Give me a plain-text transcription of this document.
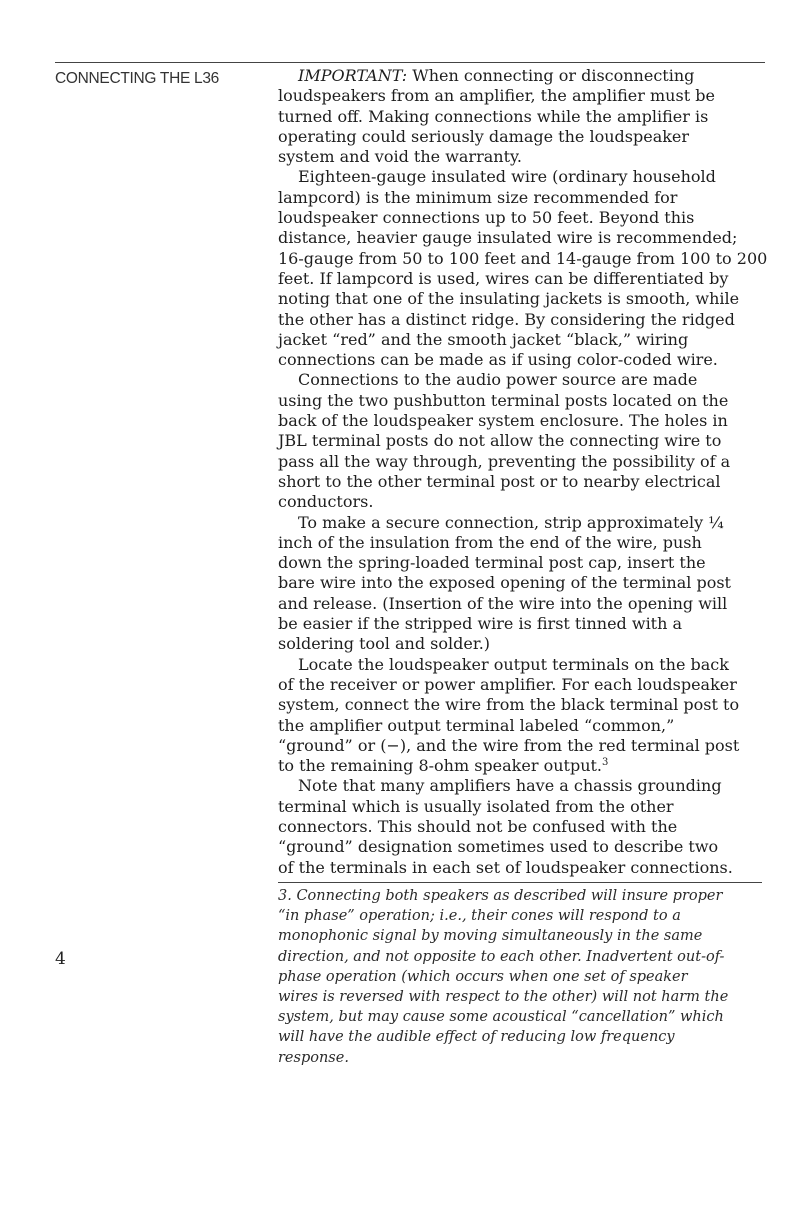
CONNECTING THE L36	IMPORTANT: When connecting or disconnecting
loudspeakers from an amplifier, the amplifier must be
turned off. Making connections while the amplifier is
operating could seriously damage the loudspeaker
system and void the warranty.
Eighteen-gauge insulated wire (ordinary household
lampcord) is the minimum size recommended for
loudspeaker connections up to 50 feet. Beyond this
distance, heavier gauge insulated wire is recommended;
16-gauge from 50 to 100 feet and 14-gauge from 100 to 200
feet. If lampcord is used, wires can be differentiated by
noting that one of the insulating jackets is smooth, while
the other has a distinct ridge. By considering the ridged
jacket “red” and the smooth jacket “black,” wiring
connections can be made as if using color-coded wire.
Connections to the audio power source are made
using the two pushbutton terminal posts located on the
back of the loudspeaker system enclosure. The holes in
JBL terminal posts do not allow the connecting wire to
pass all the way through, preventing the possibility of a
short to the other terminal post or to nearby electrical
conductors.
To make a secure connection, strip approximately ¼
inch of the insulation from the end of the wire, push
down the spring-loaded terminal post cap, insert the
bare wire into the exposed opening of the terminal post
and release. (Insertion of the wire into the opening will
be easier if the stripped wire is first tinned with a
soldering tool and solder.)
Locate the loudspeaker output terminals on the back
of the receiver or power amplifier. For each loudspeaker
system, connect the wire from the black terminal post to
the amplifier output terminal labeled “common,”
“ground” or (−), and the wire from the red terminal post
to the remaining 8-ohm speaker output.$^3$
Note that many amplifiers have a chassis grounding
terminal which is usually isolated from the other
connectors. This should not be confused with the
“ground” designation sometimes used to describe two
of the terminals in each set of loudspeaker connections.
3. Connecting both speakers as described will insure proper
“in phase” operation; i.e., their cones will respond to a
monophonic signal by moving simultaneously in the same
direction, and not opposite to each other. Inadvertent out-of-
phase operation (which occurs when one set of speaker
wires is reversed with respect to the other) will not harm the
system, but may cause some acoustical “cancellation” which
will have the audible effect of reducing low frequency
response.
4
